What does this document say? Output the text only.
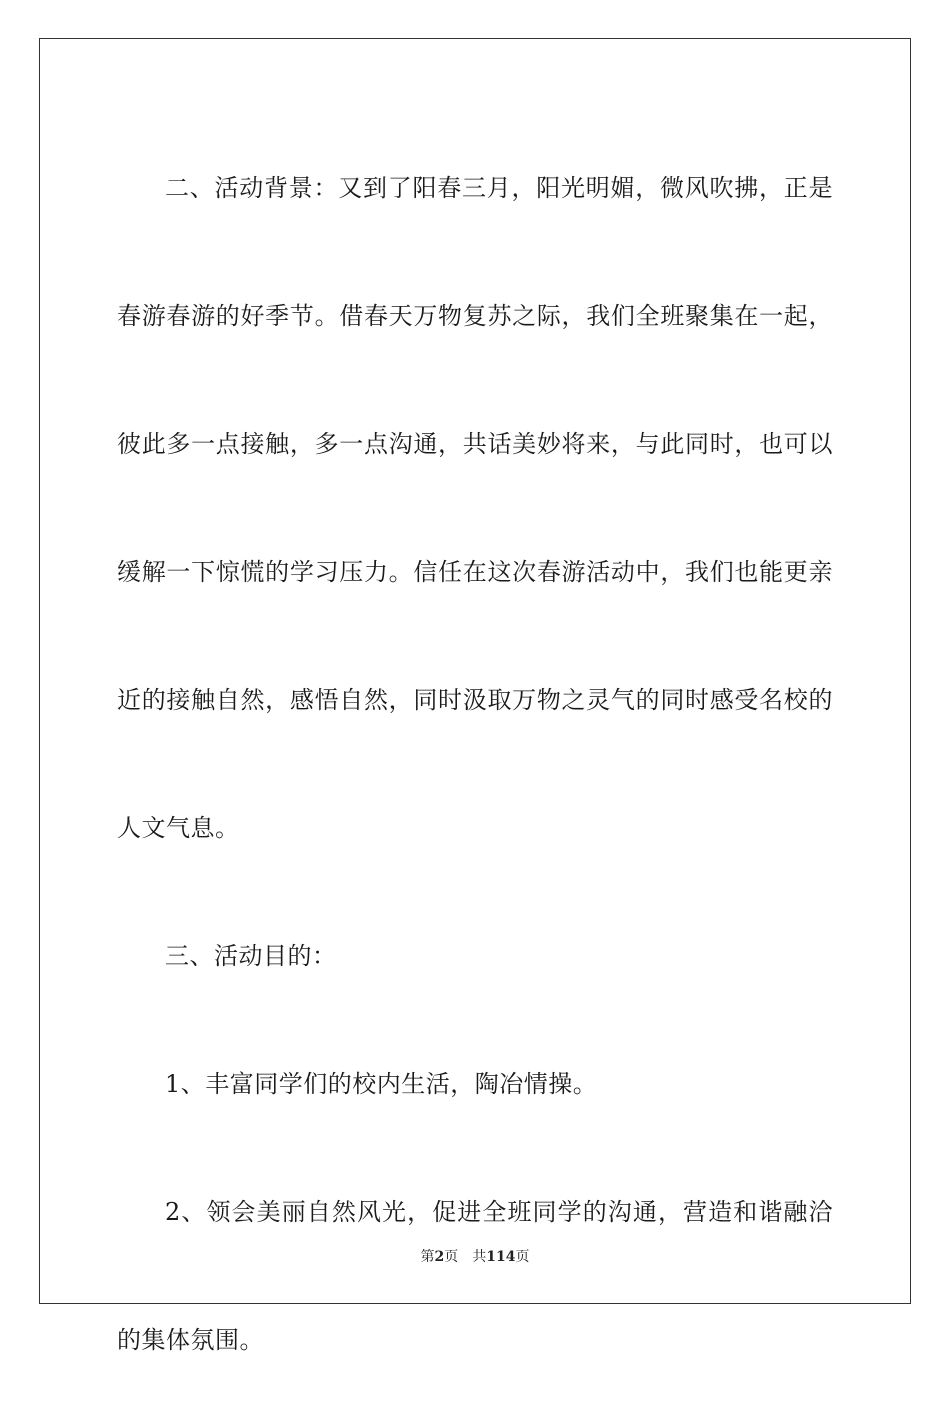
二、活动背景：又到了阳春三月，阳光明媚，微风吹拂，正是春游春游的好季节。借春天万物复苏之际，我们全班聚集在一起，彼此多一点接触，多一点沟通，共话美妙将来，与此同时，也可以缓解一下惊慌的学习压力。信任在这次春游活动中，我们也能更亲近的接触自然，感悟自然，同时汲取万物之灵气的同时感受名校的人文气息。

三、活动目的：

1、丰富同学们的校内生活，陶冶情操。

2、领会美丽自然风光，促进全班同学的沟通，营造和谐融洽的集体氛围。

第2页 共114页
